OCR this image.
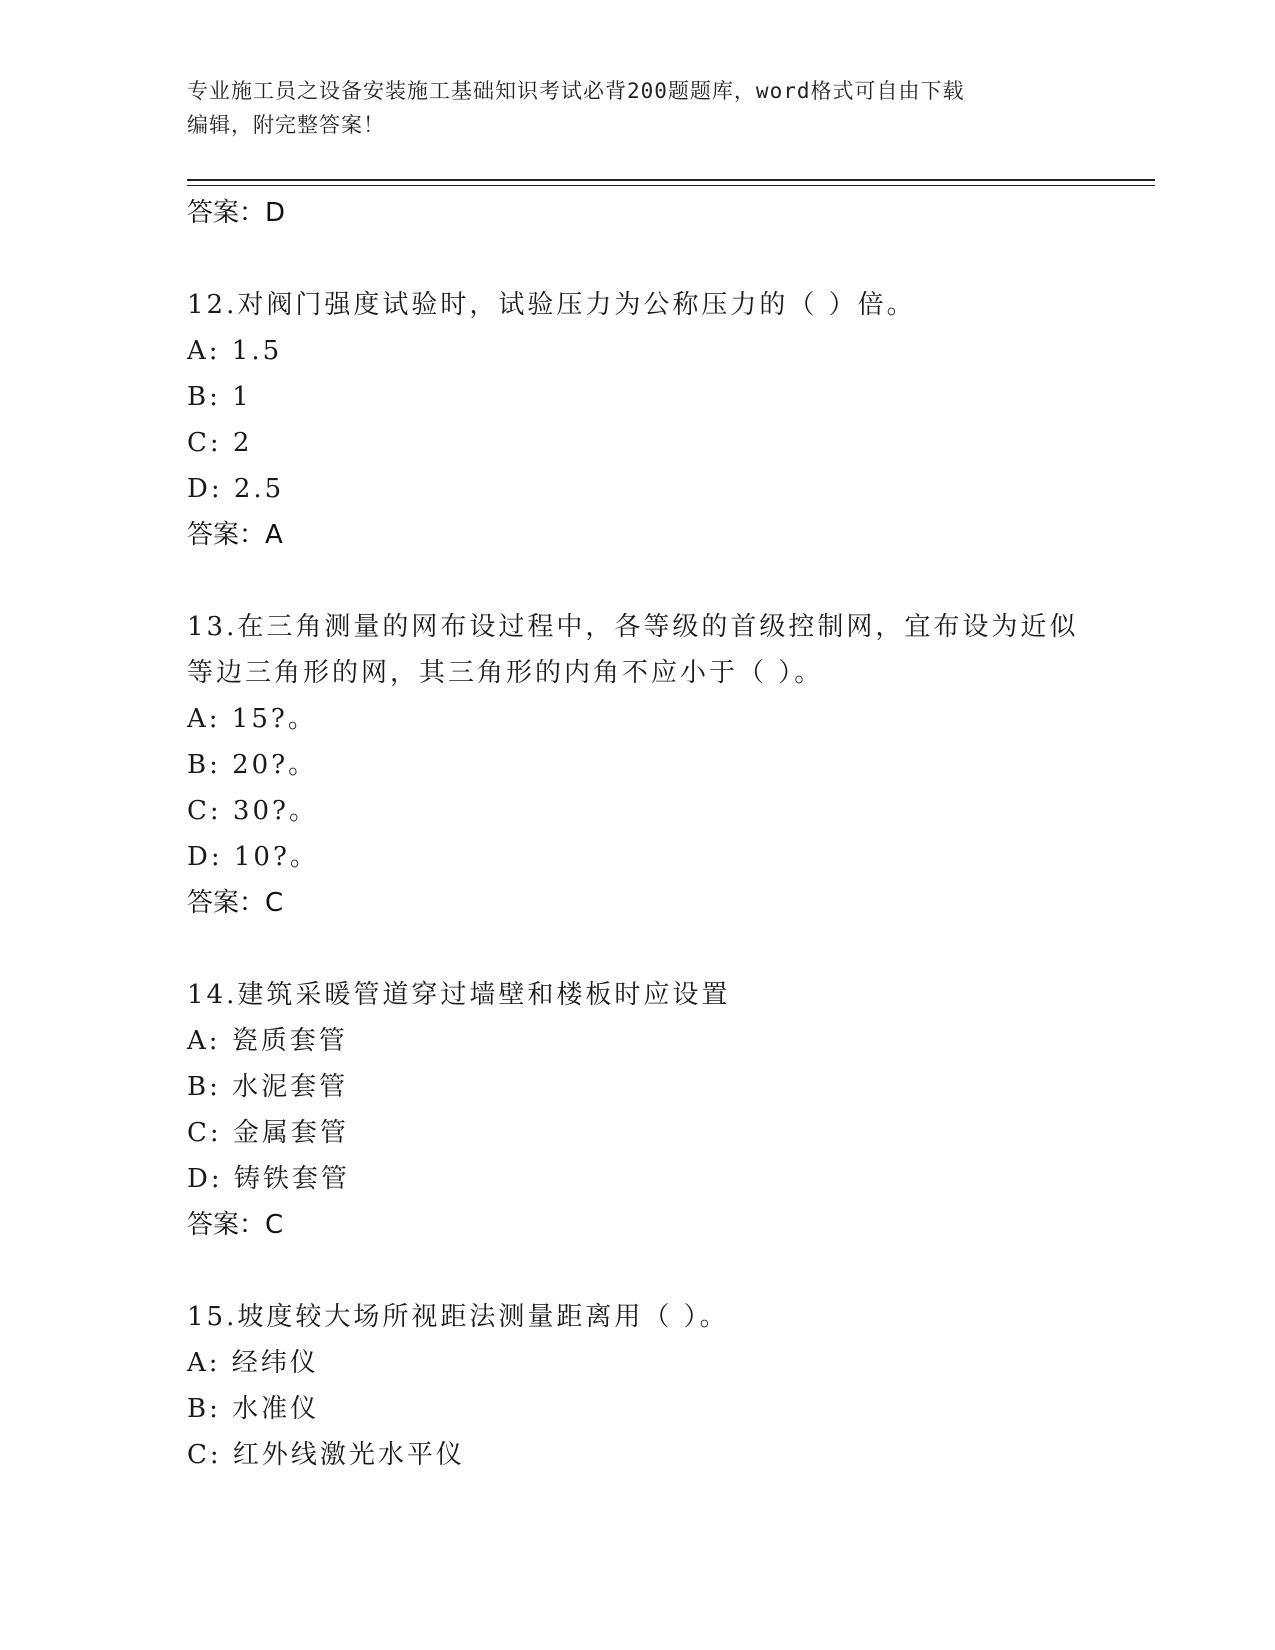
专业施工员之设备安装施工基础知识考试必背200题题库，word格式可自由下载
编辑，附完整答案！
答案：D
12.对阀门强度试验时，试验压力为公称压力的（ ）倍。
A: 1.5
B: 1
C: 2
D: 2.5
答案：A
13.在三角测量的网布设过程中，各等级的首级控制网，宜布设为近似等边三角形的网，其三角形的内角不应小于（ ）。
A: 15?。
B: 20?。
C: 30?。
D: 10?。
答案：C
14.建筑采暖管道穿过墙壁和楼板时应设置
A: 瓷质套管
B: 水泥套管
C: 金属套管
D: 铸铁套管
答案：C
15.坡度较大场所视距法测量距离用（ ）。
A: 经纬仪
B: 水准仪
C: 红外线激光水平仪
